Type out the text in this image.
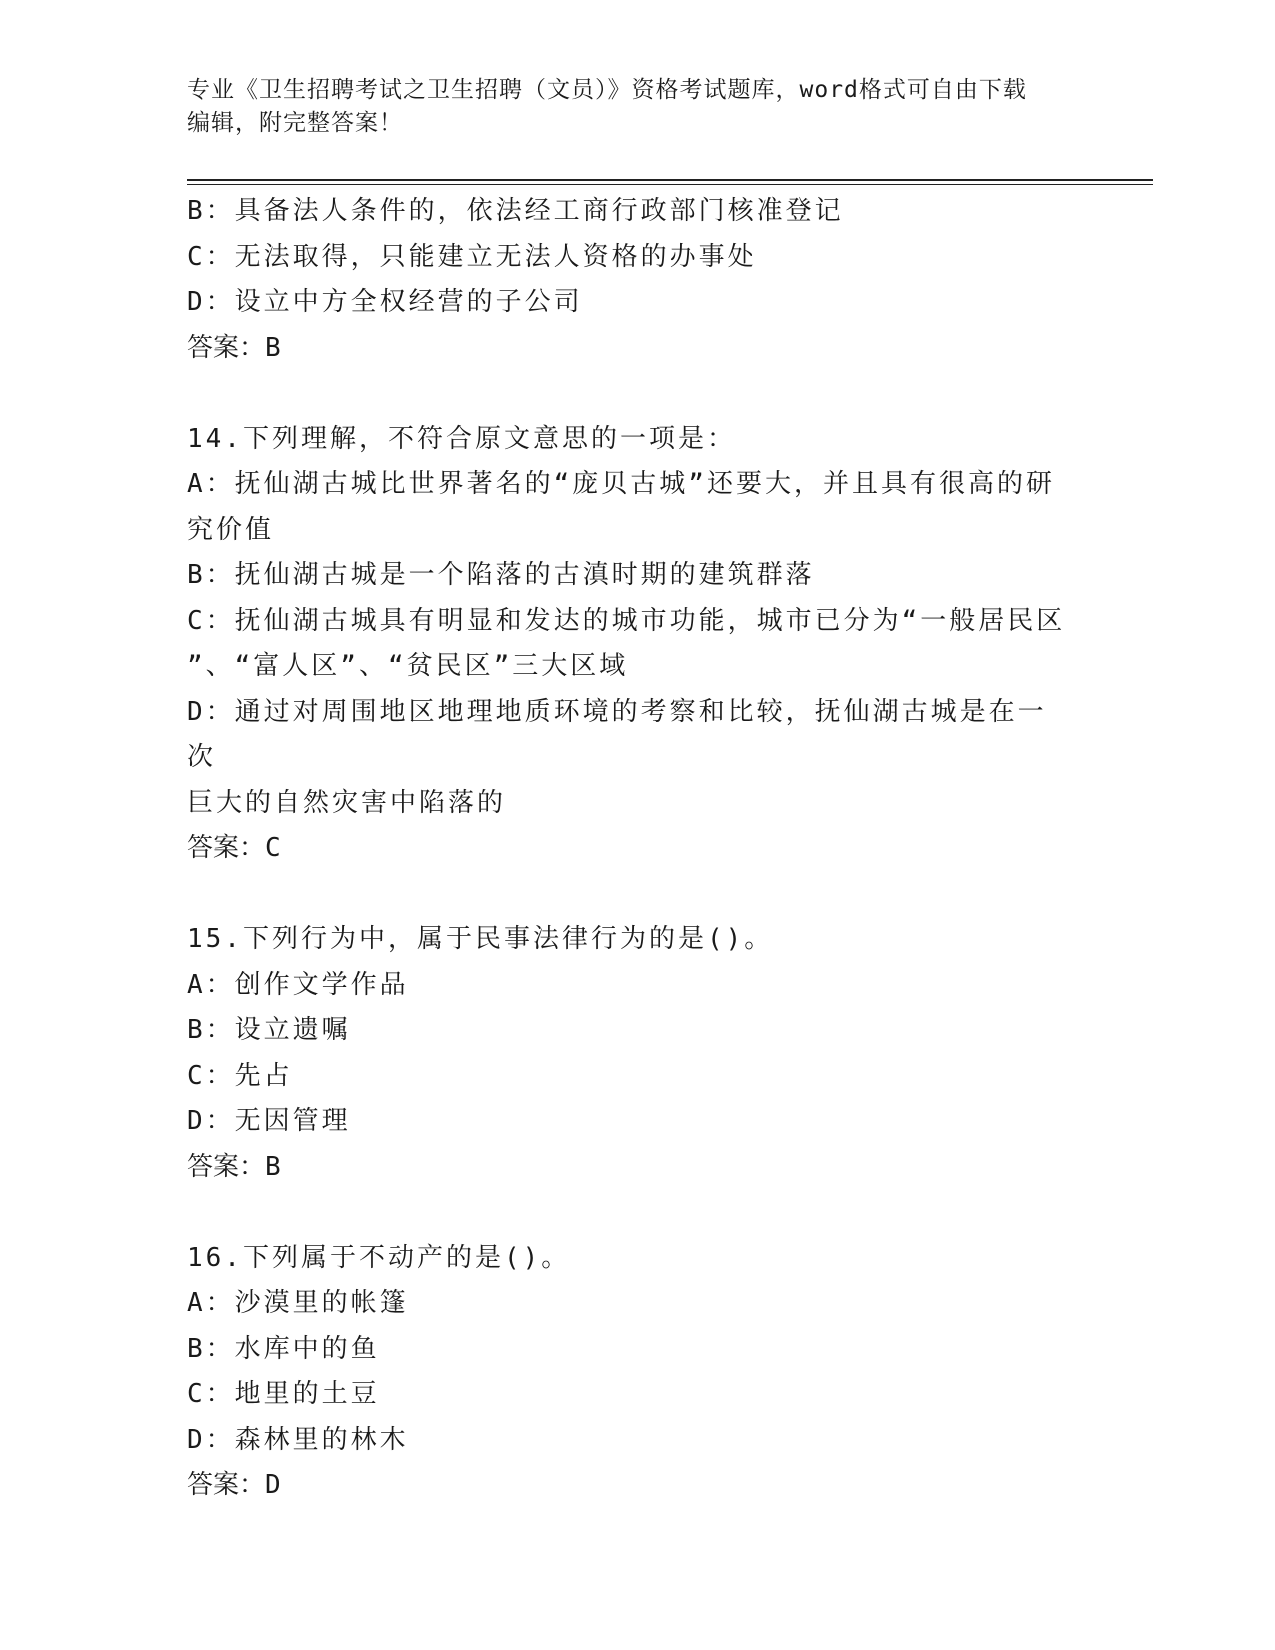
专业《卫生招聘考试之卫生招聘（文员）》资格考试题库，word格式可自由下载
编辑，附完整答案！
B：具备法人条件的，依法经工商行政部门核准登记
C：无法取得，只能建立无法人资格的办事处
D：设立中方全权经营的子公司
答案：B
14.下列理解，不符合原文意思的一项是：
A：抚仙湖古城比世界著名的“庞贝古城”还要大，并且具有很高的研
究价值
B：抚仙湖古城是一个陷落的古滇时期的建筑群落
C：抚仙湖古城具有明显和发达的城市功能，城市已分为“一般居民区
”、“富人区”、“贫民区”三大区域
D：通过对周围地区地理地质环境的考察和比较，抚仙湖古城是在一次
巨大的自然灾害中陷落的
答案：C
15.下列行为中，属于民事法律行为的是()。
A：创作文学作品
B：设立遗嘱
C：先占
D：无因管理
答案：B
16.下列属于不动产的是()。
A：沙漠里的帐篷
B：水库中的鱼
C：地里的土豆
D：森林里的林木
答案：D
